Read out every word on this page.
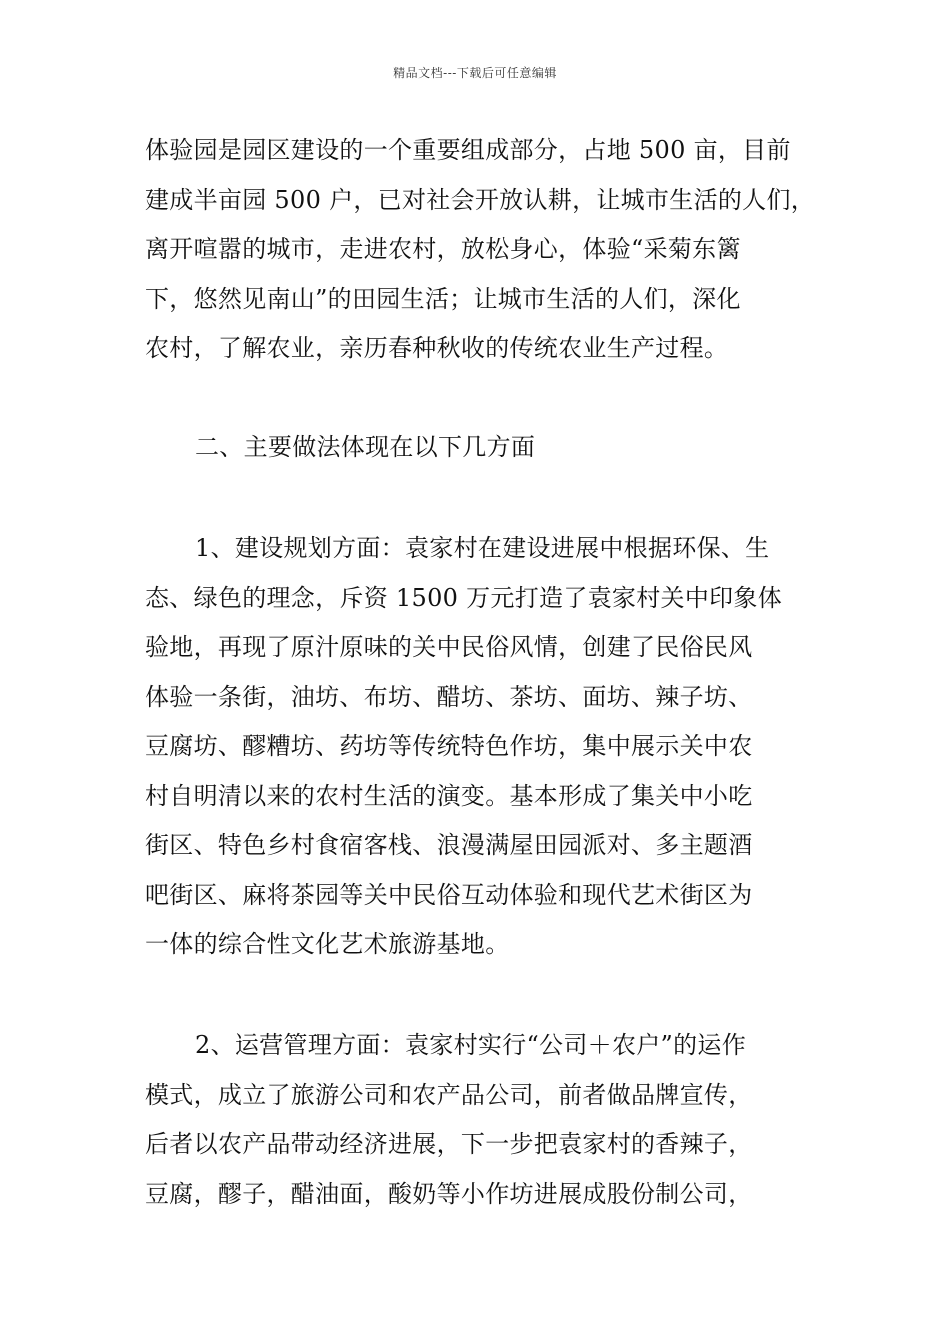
精品文档---下载后可任意编辑
体验园是园区建设的一个重要组成部分，占地 500 亩，目前
建成半亩园 500 户，已对社会开放认耕，让城市生活的人们，
离开喧嚣的城市，走进农村，放松身心，体验“采菊东篱
下，悠然见南山”的田园生活；让城市生活的人们，深化
农村，了解农业，亲历春种秋收的传统农业生产过程。
二、主要做法体现在以下几方面
1、建设规划方面：袁家村在建设进展中根据环保、生
态、绿色的理念，斥资 1500 万元打造了袁家村关中印象体
验地，再现了原汁原味的关中民俗风情，创建了民俗民风
体验一条街，油坊、布坊、醋坊、茶坊、面坊、辣子坊、
豆腐坊、醪糟坊、药坊等传统特色作坊，集中展示关中农
村自明清以来的农村生活的演变。基本形成了集关中小吃
街区、特色乡村食宿客栈、浪漫满屋田园派对、多主题酒
吧街区、麻将茶园等关中民俗互动体验和现代艺术街区为
一体的综合性文化艺术旅游基地。
2、运营管理方面：袁家村实行“公司＋农户”的运作
模式，成立了旅游公司和农产品公司，前者做品牌宣传，
后者以农产品带动经济进展，下一步把袁家村的香辣子，
豆腐，醪子，醋油面，酸奶等小作坊进展成股份制公司，
